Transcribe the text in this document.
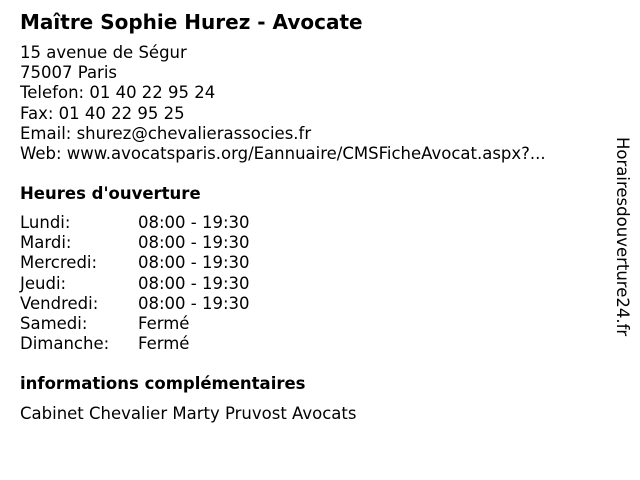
Maître Sophie Hurez - Avocate
15 avenue de Ségur
75007 Paris
Telefon: 01 40 22 95 24
Fax: 01 40 22 95 25
Email: shurez@chevalierassocies.fr
Web: www.avocatsparis.org/Eannuaire/CMSFicheAvocat.aspx?...
Heures d'ouverture
Lundi:	08:00 - 19:30
Mardi:	08:00 - 19:30
Mercredi: 08:00 - 19:30
Jeudi:	08:00 - 19:30
Vendredi: 08:00 - 19:30
Samedi:	Fermé
Dimanche: Fermé
informations complémentaires
Cabinet Chevalier Marty Pruvost Avocats
Horairesdouverture24.fr
